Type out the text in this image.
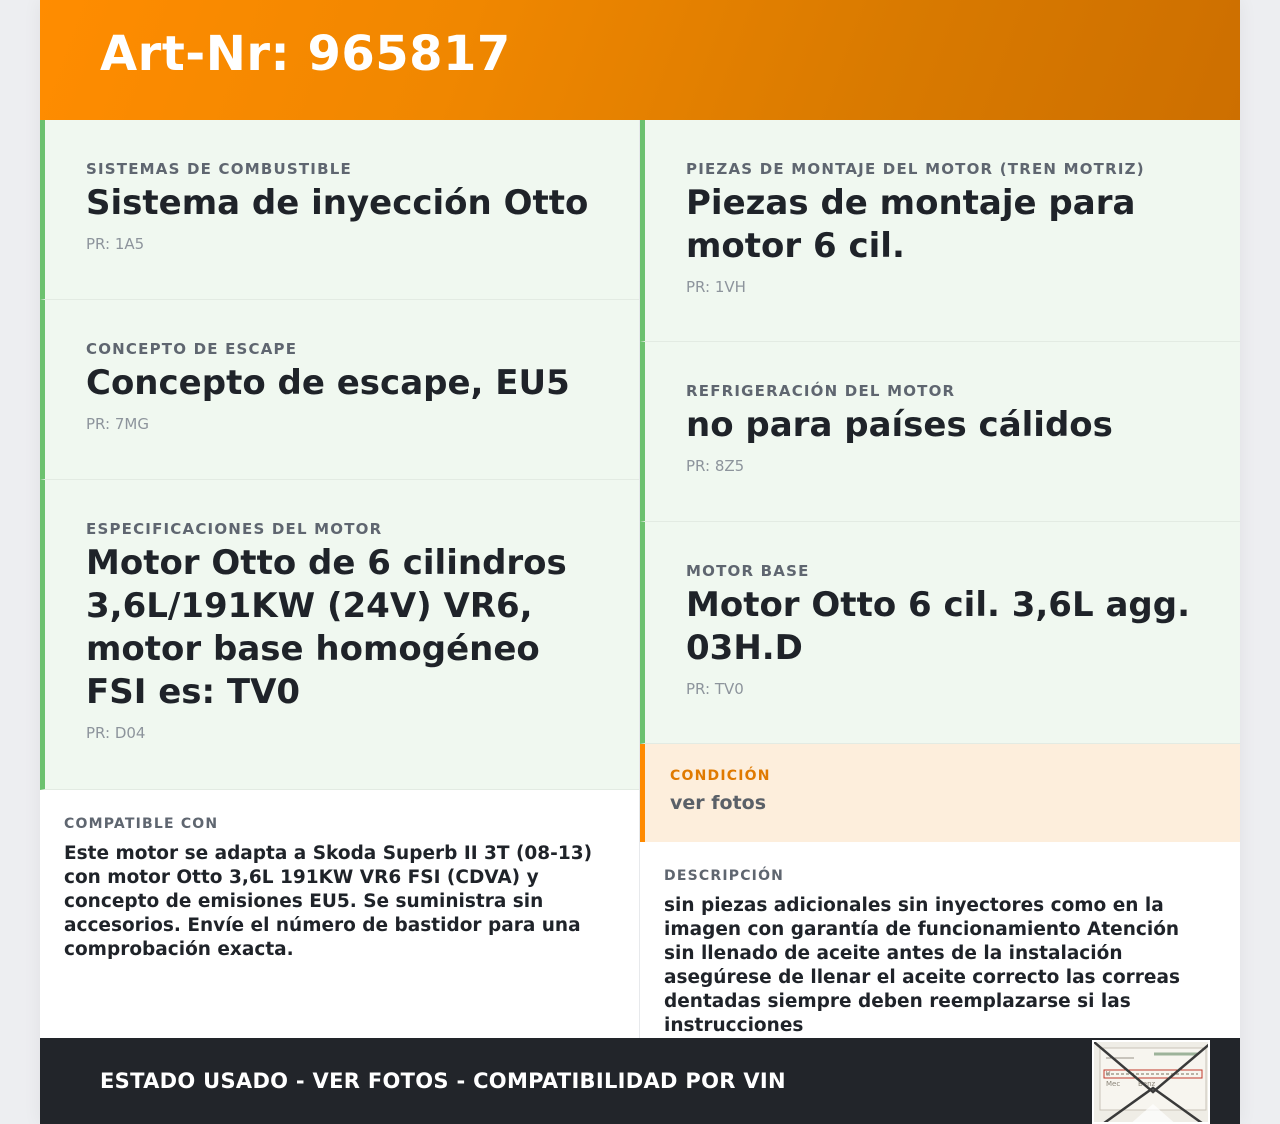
Art-Nr: 965817
SISTEMAS DE COMBUSTIBLE
Sistema de inyección Otto
PR: 1A5
CONCEPTO DE ESCAPE
Concepto de escape, EU5
PR: 7MG
ESPECIFICACIONES DEL MOTOR
Motor Otto de 6 cilindros 3,6L/191KW (24V) VR6, motor base homogéneo FSI es: TV0
PR: D04
COMPATIBLE CON
Este motor se adapta a Skoda Superb II 3T (08-13) con motor Otto 3,6L 191KW VR6 FSI (CDVA) y concepto de emisiones EU5. Se suministra sin accesorios. Envíe el número de bastidor para una comprobación exacta.
PIEZAS DE MONTAJE DEL MOTOR (TREN MOTRIZ)
Piezas de montaje para motor 6 cil.
PR: 1VH
REFRIGERACIÓN DEL MOTOR
no para países cálidos
PR: 8Z5
MOTOR BASE
Motor Otto 6 cil. 3,6L agg. 03H.D
PR: TV0
CONDICIÓN
ver fotos
DESCRIPCIÓN
sin piezas adicionales sin inyectores como en la imagen con garantía de funcionamiento Atención sin llenado de aceite antes de la instalación asegúrese de llenar el aceite correcto las correas dentadas siempre deben reemplazarse si las instrucciones
ESTADO USADO - VER FOTOS - COMPATIBILIDAD POR VIN	W
Mec	Benz
